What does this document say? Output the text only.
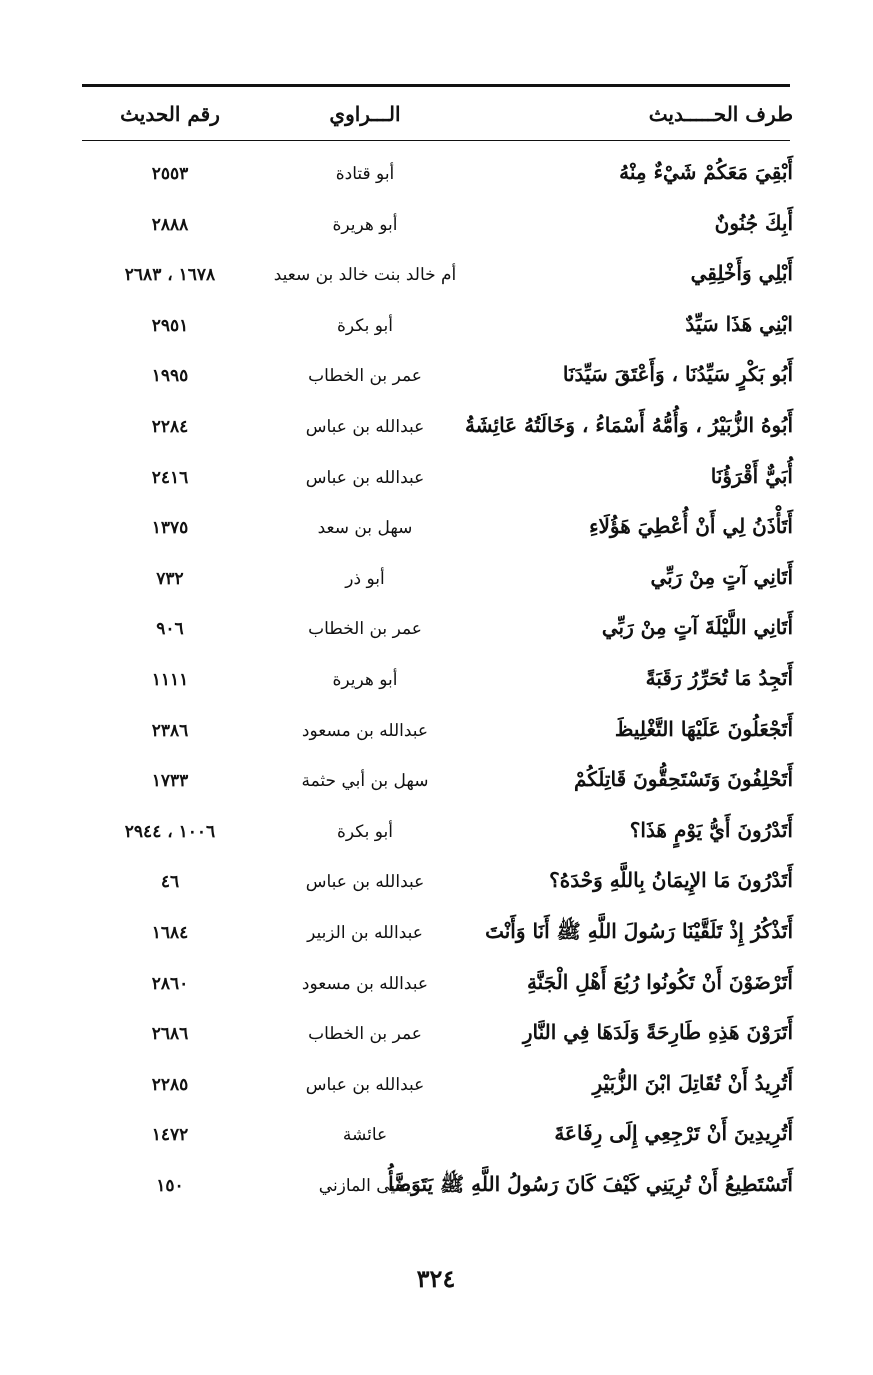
طرف الحـــــديث
الـــراوي
رقم الحديث
أَبْقِيَ مَعَكُمْ شَيْءٌ مِنْهُ
أبو قتادة
٢٥٥٣
أَبِكَ جُنُونٌ
أبو هريرة
٢٨٨٨
أَبْلِي وَأَخْلِقِي
أم خالد بنت خالد بن سعيد
١٦٧٨ ، ٢٦٨٣
ابْنِي هَذَا سَيِّدٌ
أبو بكرة
٢٩٥١
أَبُو بَكْرٍ سَيِّدُنَا ، وَأَعْتَقَ سَيِّدَنَا
عمر بن الخطاب
١٩٩٥
أَبُوهُ الزُّبَيْرُ ، وَأُمُّهُ أَسْمَاءُ ، وَخَالَتُهُ عَائِشَةُ
عبدالله بن عباس
٢٢٨٤
أُبَيٌّ أَقْرَؤُنَا
عبدالله بن عباس
٢٤١٦
أَتَأْذَنُ لِي أَنْ أُعْطِيَ هَؤُلَاءِ
سهل بن سعد
١٣٧٥
أَتَانِي آتٍ مِنْ رَبِّي
أبو ذر
٧٣٢
أَتَانِي اللَّيْلَةَ آتٍ مِنْ رَبِّي
عمر بن الخطاب
٩٠٦
أَتَجِدُ مَا تُحَرِّرُ رَقَبَةً
أبو هريرة
١١١١
أَتَجْعَلُونَ عَلَيْهَا التَّغْلِيظَ
عبدالله بن مسعود
٢٣٨٦
أَتَحْلِفُونَ وَتَسْتَحِقُّونَ قَاتِلَكُمْ
سهل بن أبي حثمة
١٧٣٣
أَتَدْرُونَ أَيُّ يَوْمٍ هَذَا؟
أبو بكرة
١٠٠٦ ، ٢٩٤٤
أَتَدْرُونَ مَا الإِيمَانُ بِاللَّهِ وَحْدَهُ؟
عبدالله بن عباس
٤٦
أَتَذْكُرُ إِذْ تَلَقَّيْنَا رَسُولَ اللَّهِ ﷺ أَنَا وَأَنْتَ
عبدالله بن الزبير
١٦٨٤
أَتَرْضَوْنَ أَنْ تَكُونُوا رُبُعَ أَهْلِ الْجَنَّةِ
عبدالله بن مسعود
٢٨٦٠
أَتَرَوْنَ هَذِهِ طَارِحَةً وَلَدَهَا فِي النَّارِ
عمر بن الخطاب
٢٦٨٦
أَتُرِيدُ أَنْ تُقَاتِلَ ابْنَ الزُّبَيْرِ
عبدالله بن عباس
٢٢٨٥
أَتُرِيدِينَ أَنْ تَرْجِعِي إِلَى رِفَاعَةَ
عائشة
١٤٧٢
أَتَسْتَطِيعُ أَنْ تُرِيَنِي كَيْفَ كَانَ رَسُولُ اللَّهِ ﷺ يَتَوَضَّأُ
يحيى المازني
١٥٠
٣٢٤
